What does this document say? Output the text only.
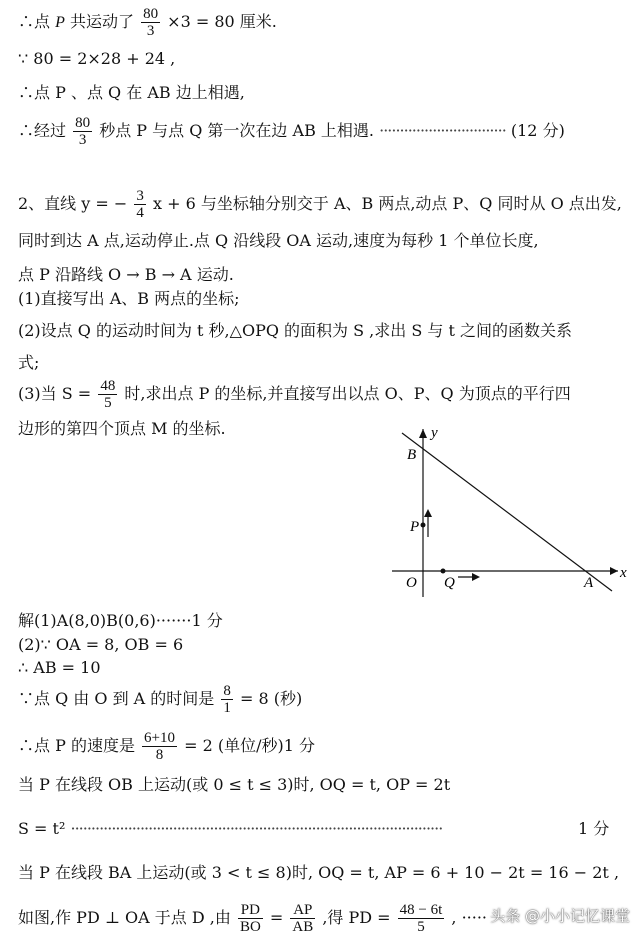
∴点 P 共运动了 $\frac{80}{3} \times 3 = 80$ 厘米.
∵ 80 = 2×28 + 24 ,
∴点 P 、点 Q 在 AB 边上相遇,
∴经过 $\frac{80}{3}$ 秒点 P 与点 Q 第一次在边 AB 上相遇. ······························· (12 分)
2、直线 y = − $\frac{3}{4}$ x + 6 与坐标轴分别交于 A、B 两点,动点 P、Q 同时从 O 点出发,
同时到达 A 点,运动停止.点 Q 沿线段 OA 运动,速度为每秒 1 个单位长度,
点 P 沿路线 O → B → A 运动.
(1)直接写出 A、B 两点的坐标;
(2)设点 Q 的运动时间为 t 秒,△OPQ 的面积为 S ,求出 S 与 t 之间的函数关系
式;
(3)当 $S = \frac{48}{5}$ 时,求出点 P 的坐标,并直接写出以点 O、P、Q 为顶点的平行四
边形的第四个顶点 M 的坐标.	y
x
B
P
O Q	A
解(1)A(8,0)B(0,6)·······1 分
(2)∵ OA = 8, OB = 6
∴ AB = 10
∵点 Q 由 O 到 A 的时间是 $\frac{8}{1} = 8$ (秒)
∴点 P 的速度是 $\frac{6+10}{8} = 2$ (单位/秒)1 分
当 P 在线段 OB 上运动(或 0 ≤ t ≤ 3)时, OQ = t, OP = 2t
S = t² ···························································································	1 分
当 P 在线段 BA 上运动(或 3 < t ≤ 8)时, OQ = t, AP = 6 + 10 − 2t = 16 − 2t ,
如图,作 PD ⊥ OA 于点 D ,由 $\frac{PD}{BO} = \frac{AP}{AB}$ ,得 PD = $\frac{48 - 6t}{5}$ , ····· 头条 @小小记忆课堂
